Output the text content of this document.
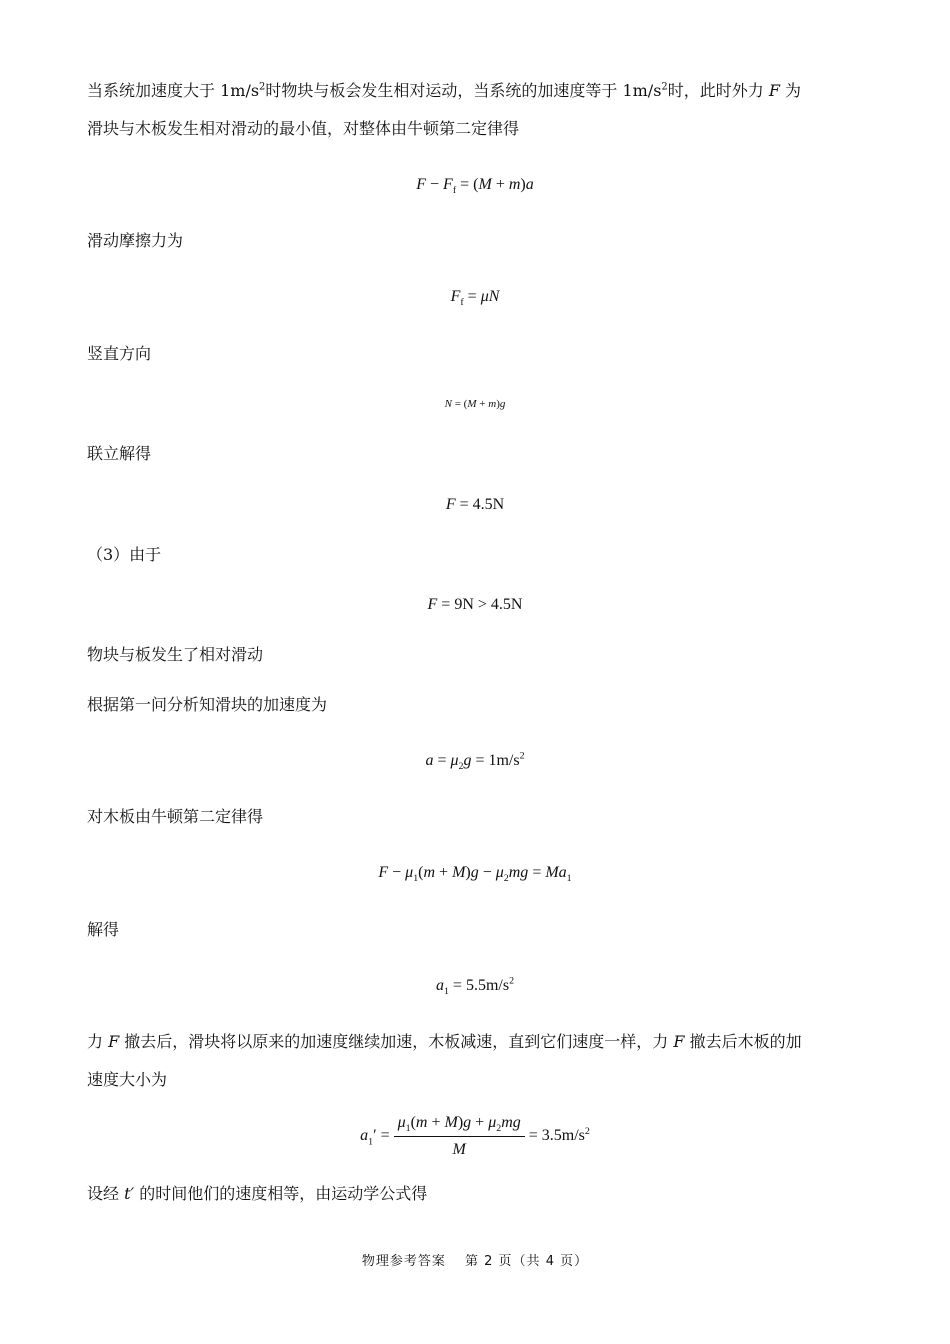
当系统加速度大于 $1m/s^2$时物块与板会发生相对运动，当系统的加速度等于 $1m/s^2$时，此时外力 F 为
滑块与木板发生相对滑动的最小值，对整体由牛顿第二定律得
$F - F_f = (M + m)a$
滑动摩擦力为
$F_f = \mu N$
竖直方向
N = (M + m)g
联立解得
F = 4.5N
（3）由于
F = 9N > 4.5N
物块与板发生了相对滑动
根据第一问分析知滑块的加速度为
$a = \mu_2g = 1m/s^2$
对木板由牛顿第二定律得
$F - \mu_1(m + M)g - \mu_2mg = Ma_1$
解得
$a_1 = 5.5m/s^2$
力 F 撤去后，滑块将以原来的加速度继续加速，木板减速，直到它们速度一样，力 F 撤去后木板的加
速度大小为
$a_1' = \frac{\mu_1(m + M)g + \mu_2mg}{M} = 3.5m/s^2$
设经 t′ 的时间他们的速度相等，由运动学公式得
物理参考答案　 第 2 页（共 4 页）
